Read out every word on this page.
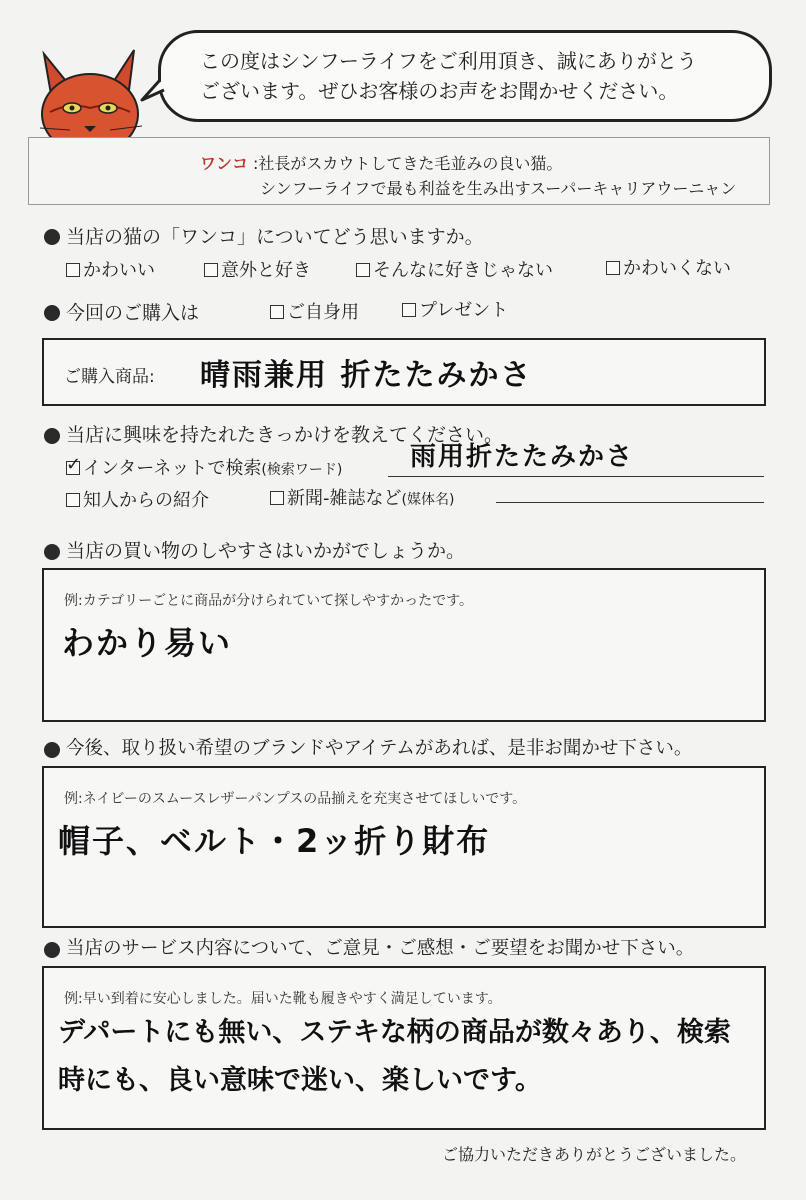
この度はシンフーライフをご利用頂き、誠にありがとう
ございます。ぜひお客様のお声をお聞かせください。
ワンコ :社長がスカウトしてきた毛並みの良い猫。
シンフーライフで最も利益を生み出すスーパーキャリアウーニャン
当店の猫の「ワンコ」についてどう思いますか。
かわいい	意外と好き	そんなに好きじゃない	かわいくない
今回のご購入は	ご自身用	プレゼント
ご購入商品: 晴雨兼用 折たたみかさ
当店に興味を持たれたきっかけを教えてください。
✓ インターネットで検索(検索ワード)	雨用折たたみかさ
知人からの紹介	新聞-雑誌など(媒体名)
当店の買い物のしやすさはいかがでしょうか。
例:カテゴリーごとに商品が分けられていて探しやすかったです。
わかり易い
今後、取り扱い希望のブランドやアイテムがあれば、是非お聞かせ下さい。
例:ネイビーのスムースレザーパンプスの品揃えを充実させてほしいです。
帽子、ベルト・2ッ折り財布
当店のサービス内容について、ご意見・ご感想・ご要望をお聞かせ下さい。
例:早い到着に安心しました。届いた靴も履きやすく満足しています。
デパートにも無い、ステキな柄の商品が数々あり、検索
時にも、良い意味で迷い、楽しいです。
ご協力いただきありがとうございました。
